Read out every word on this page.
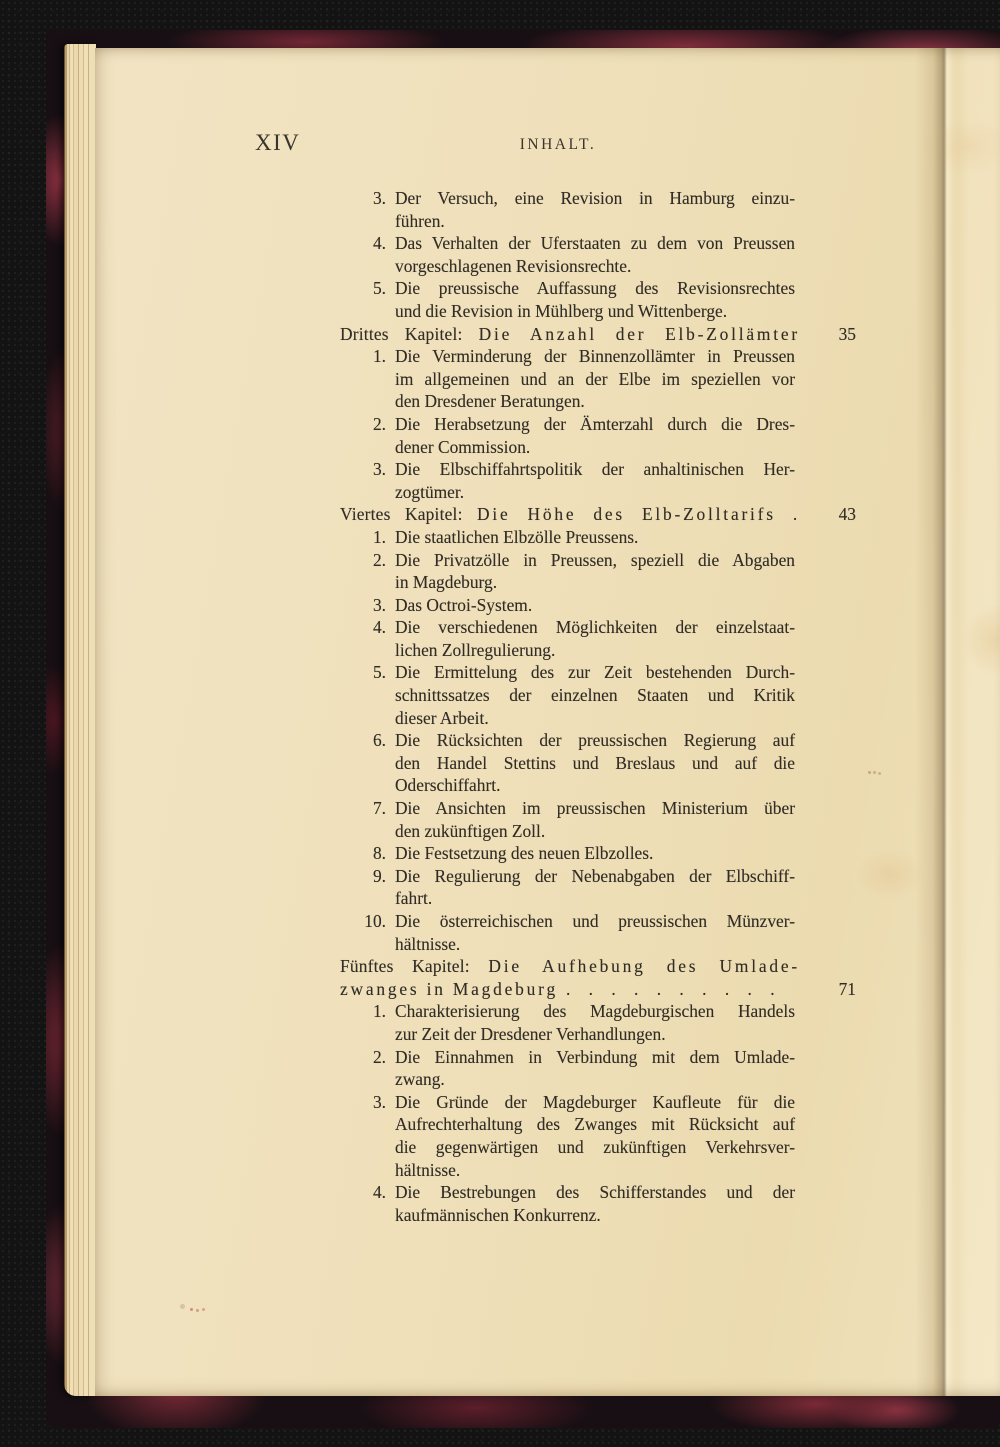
XIV	INHALT.
3. Der Versuch, eine Revision in Hamburg einzu-
führen.
4. Das Verhalten der Uferstaaten zu dem von Preussen
vorgeschlagenen Revisionsrechte.
5. Die preussische Auffassung des Revisionsrechtes
und die Revision in Mühlberg und Wittenberge.
Drittes Kapitel: Die Anzahl der Elb-Zollämter	35
1. Die Verminderung der Binnenzollämter in Preussen
im allgemeinen und an der Elbe im speziellen vor
den Dresdener Beratungen.
2. Die Herabsetzung der Ämterzahl durch die Dres-
dener Commission.
3. Die Elbschiffahrtspolitik der anhaltinischen Her-
zogtümer.
Viertes Kapitel: Die Höhe des Elb-Zolltarifs .	43
1. Die staatlichen Elbzölle Preussens.
2. Die Privatzölle in Preussen, speziell die Abgaben
in Magdeburg.
3. Das Octroi-System.
4. Die verschiedenen Möglichkeiten der einzelstaat-
lichen Zollregulierung.
5. Die Ermittelung des zur Zeit bestehenden Durch-
schnittssatzes der einzelnen Staaten und Kritik
dieser Arbeit.
6. Die Rücksichten der preussischen Regierung auf
den Handel Stettins und Breslaus und auf die
Oderschiffahrt.
7. Die Ansichten im preussischen Ministerium über
den zukünftigen Zoll.
8. Die Festsetzung des neuen Elbzolles.
9. Die Regulierung der Nebenabgaben der Elbschiff-
fahrt.
10. Die österreichischen und preussischen Münzver-
hältnisse.
Fünftes Kapitel: Die Aufhebung des Umlade-
zwanges in Magdeburg . . . . . . . . . .	71
1. Charakterisierung des Magdeburgischen Handels
zur Zeit der Dresdener Verhandlungen.
2. Die Einnahmen in Verbindung mit dem Umlade-
zwang.
3. Die Gründe der Magdeburger Kaufleute für die
Aufrechterhaltung des Zwanges mit Rücksicht auf
die gegenwärtigen und zukünftigen Verkehrsver-
hältnisse.
4. Die Bestrebungen des Schifferstandes und der
kaufmännischen Konkurrenz.
